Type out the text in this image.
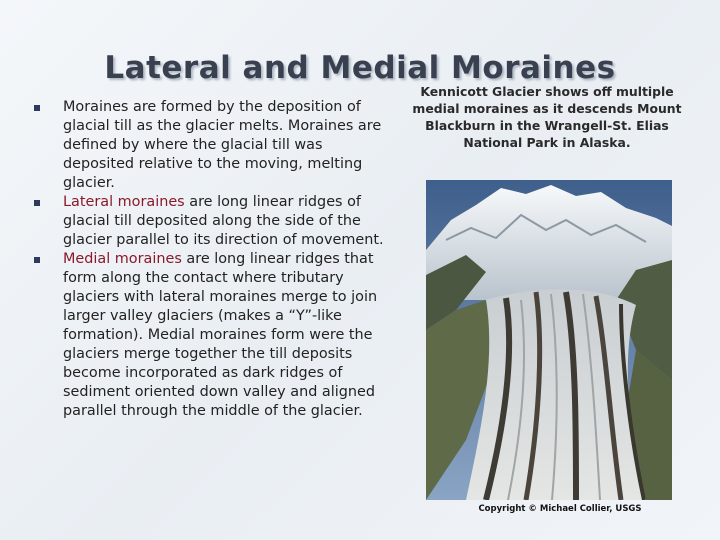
Lateral and Medial Moraines
Moraines are formed by the deposition of glacial till as the glacier melts. Moraines are defined by where the glacial till was deposited relative to the moving, melting glacier.
Lateral moraines are long linear ridges of glacial till deposited along the side of the glacier parallel to its direction of movement.
Medial moraines are long linear ridges that form along the contact where tributary glaciers with lateral moraines merge to join larger valley glaciers (makes a “Y”-like formation). Medial moraines form were the glaciers merge together the till deposits become incorporated as dark ridges of sediment oriented down valley and aligned parallel through the middle of the glacier.
Kennicott Glacier shows off multiple medial moraines as it descends Mount Blackburn in the Wrangell-St. Elias National Park in Alaska.
Copyright © Michael Collier, USGS
